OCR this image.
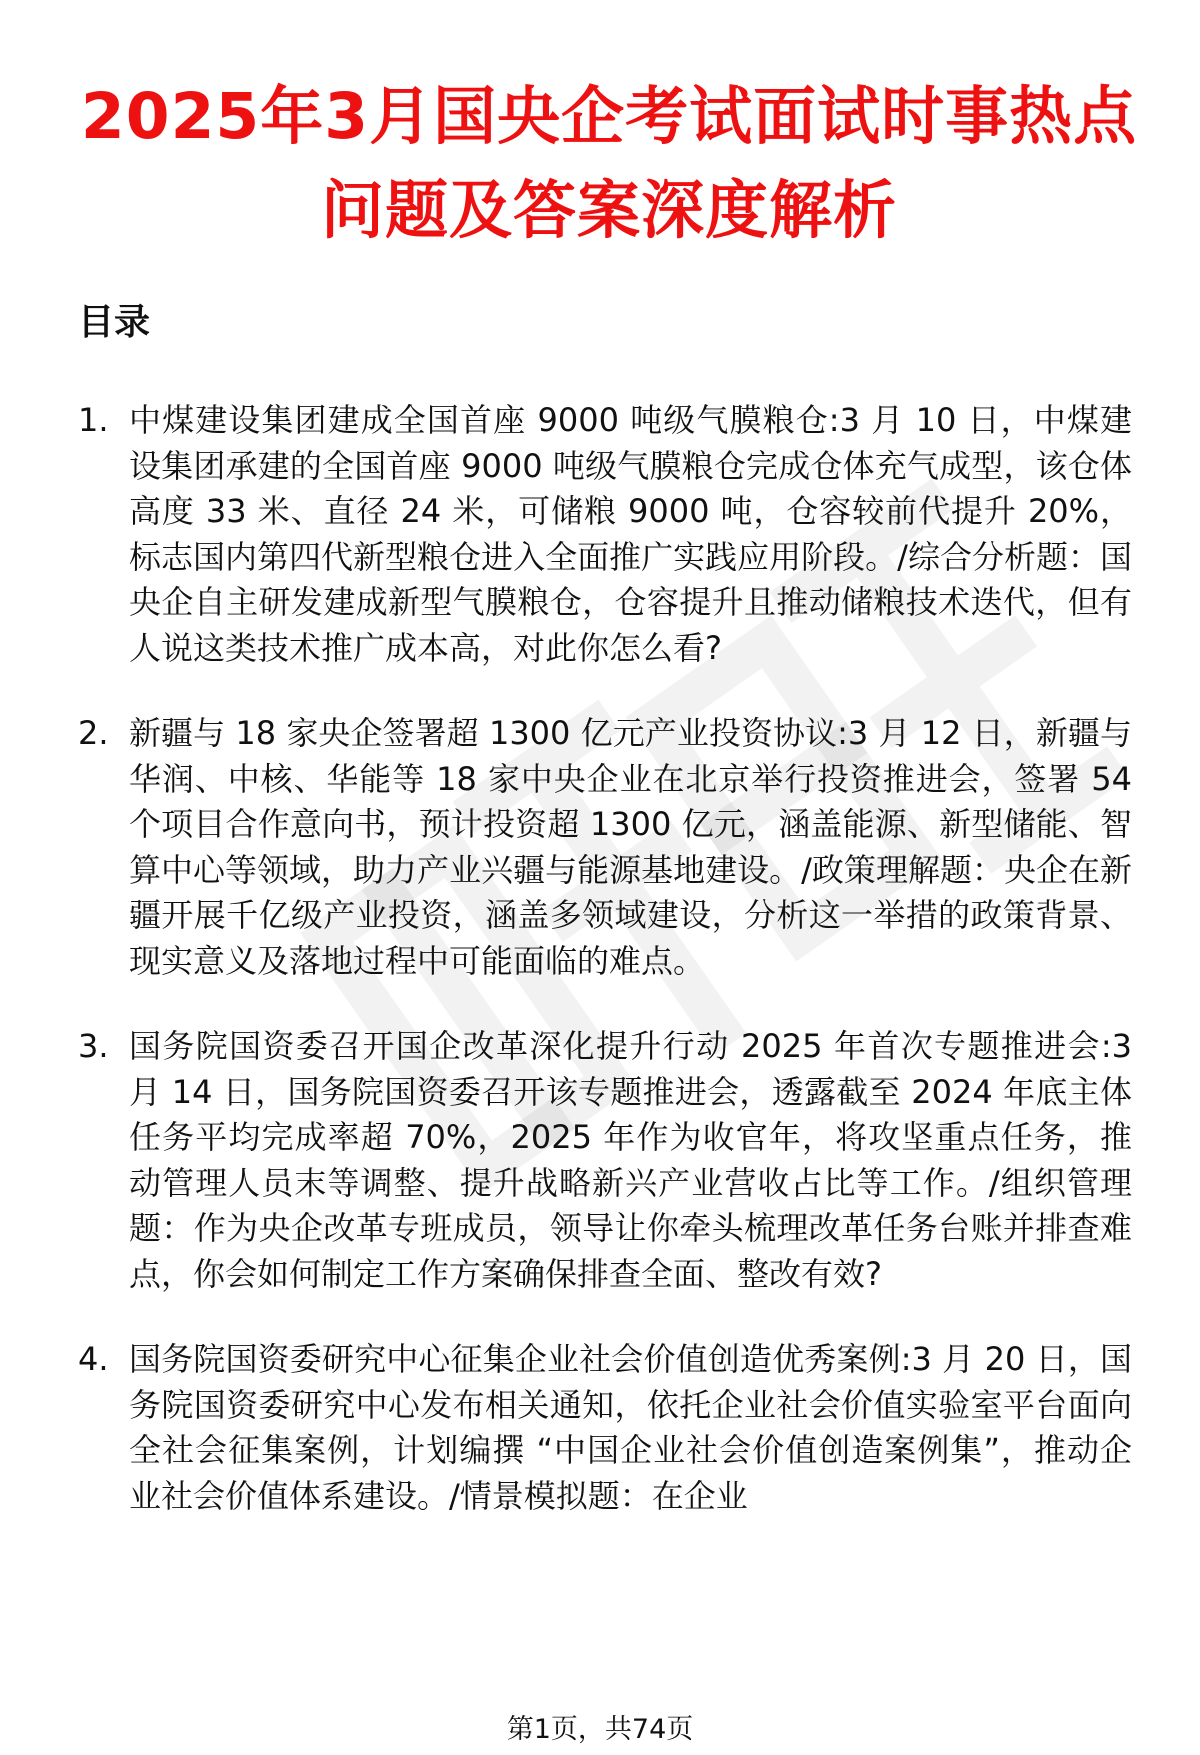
2025年3月国央企考试面试时事热点问题及答案深度解析
目录
1. 中煤建设集团建成全国首座 9000 吨级气膜粮仓:3 月 10 日，中煤建设集团承建的全国首座 9000 吨级气膜粮仓完成仓体充气成型，该仓体高度 33 米、直径 24 米，可储粮 9000 吨，仓容较前代提升 20%，标志国内第四代新型粮仓进入全面推广实践应用阶段。/综合分析题：国央企自主研发建成新型气膜粮仓，仓容提升且推动储粮技术迭代，但有人说这类技术推广成本高，对此你怎么看?
2. 新疆与 18 家央企签署超 1300 亿元产业投资协议:3 月 12 日，新疆与华润、中核、华能等 18 家中央企业在北京举行投资推进会，签署 54 个项目合作意向书，预计投资超 1300 亿元，涵盖能源、新型储能、智算中心等领域，助力产业兴疆与能源基地建设。/政策理解题：央企在新疆开展千亿级产业投资，涵盖多领域建设，分析这一举措的政策背景、现实意义及落地过程中可能面临的难点。
3. 国务院国资委召开国企改革深化提升行动 2025 年首次专题推进会:3 月 14 日，国务院国资委召开该专题推进会，透露截至 2024 年底主体任务平均完成率超 70%，2025 年作为收官年，将攻坚重点任务，推动管理人员末等调整、提升战略新兴产业营收占比等工作。/组织管理题：作为央企改革专班成员，领导让你牵头梳理改革任务台账并排查难点，你会如何制定工作方案确保排查全面、整改有效?
4. 国务院国资委研究中心征集企业社会价值创造优秀案例:3 月 20 日，国务院国资委研究中心发布相关通知，依托企业社会价值实验室平台面向全社会征集案例，计划编撰 “中国企业社会价值创造案例集”，推动企业社会价值体系建设。/情景模拟题：在企业
第1页，共74页
